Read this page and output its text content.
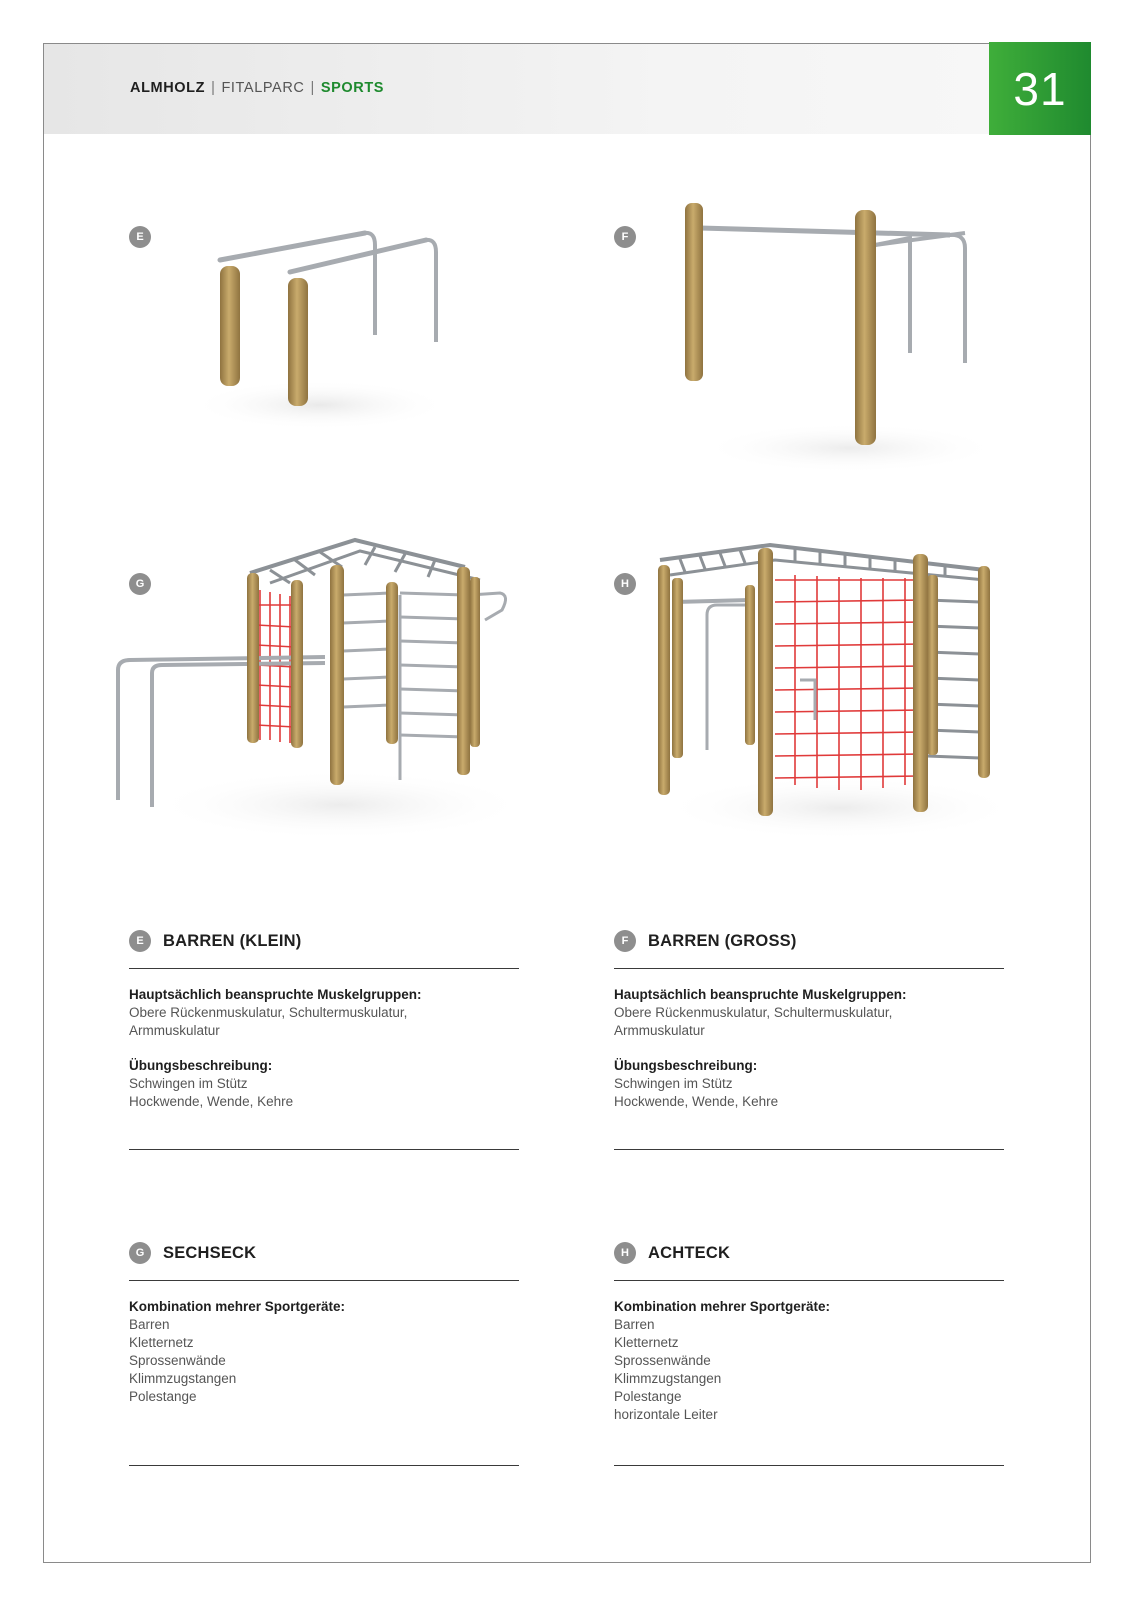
ALMHOLZ | FITALPARC | SPORTS	31
E	F
G	H
E	BARREN (KLEIN)
Hauptsächlich beanspruchte Muskelgruppen:
Obere Rückenmuskulatur, Schultermuskulatur,
Armmuskulatur
Übungsbeschreibung:
Schwingen im Stütz
Hockwende, Wende, Kehre
F	BARREN (GROSS)
Hauptsächlich beanspruchte Muskelgruppen:
Obere Rückenmuskulatur, Schultermuskulatur,
Armmuskulatur
Übungsbeschreibung:
Schwingen im Stütz
Hockwende, Wende, Kehre
G	SECHSECK
Kombination mehrer Sportgeräte:
Barren
Kletternetz
Sprossenwände
Klimmzugstangen
Polestange
H	ACHTECK
Kombination mehrer Sportgeräte:
Barren
Kletternetz
Sprossenwände
Klimmzugstangen
Polestange
horizontale Leiter
